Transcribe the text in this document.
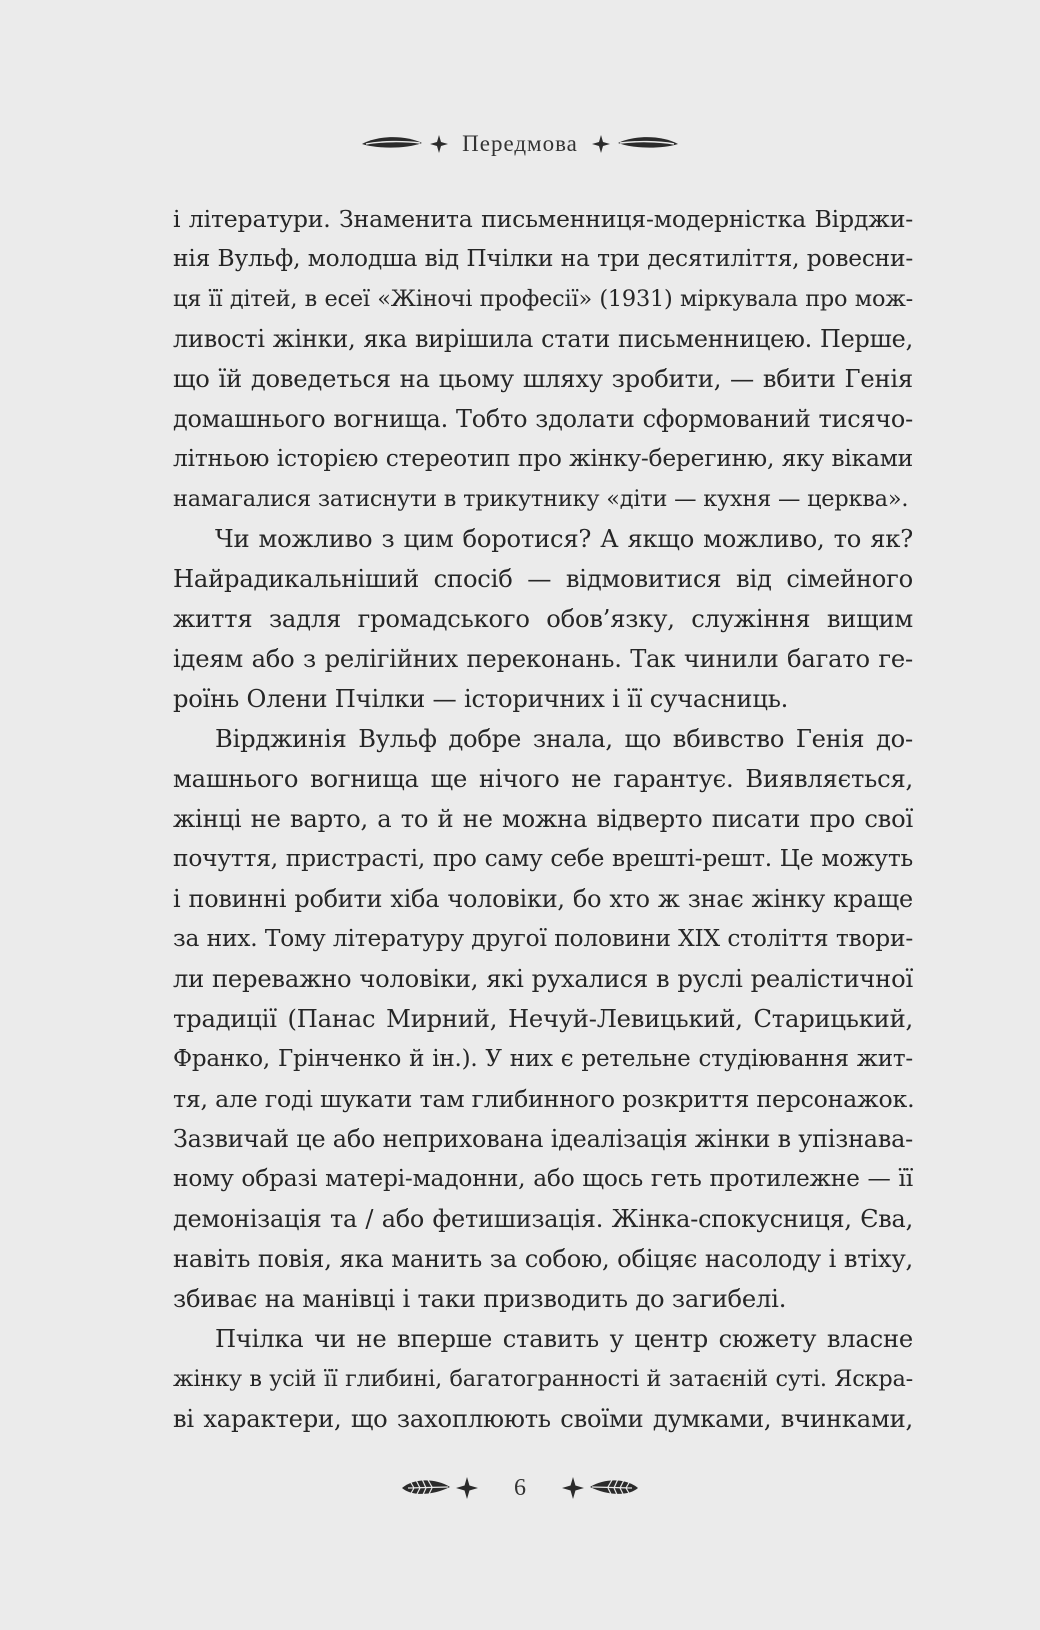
Передмова
і літератури. Знаменита письменниця-модерністка Вірджи-
нія Вульф, молодша від Пчілки на три десятиліття, ровесни-
ця її дітей, в есеї «Жіночі професії» (1931) міркувала про мож-
ливості жінки, яка вирішила стати письменницею. Перше,
що їй доведеться на цьому шляху зробити, — вбити Генія
домашнього вогнища. Тобто здолати сформований тисячо-
літньою історією стереотип про жінку-берегиню, яку віками
намагалися затиснути в трикутнику «діти — кухня — церква».
Чи можливо з цим боротися? А якщо можливо, то як?
Найрадикальніший спосіб — відмовитися від сімейного
життя задля громадського обов’язку, служіння вищим
ідеям або з релігійних переконань. Так чинили багато ге-
роїнь Олени Пчілки — історичних і її сучасниць.
Вірджинія Вульф добре знала, що вбивство Генія до-
машнього вогнища ще нічого не гарантує. Виявляється,
жінці не варто, а то й не можна відверто писати про свої
почуття, пристрасті, про саму себе врешті-решт. Це можуть
і повинні робити хіба чоловіки, бо хто ж знає жінку краще
за них. Тому літературу другої половини XIX століття твори-
ли переважно чоловіки, які рухалися в руслі реалістичної
традиції (Панас Мирний, Нечуй-Левицький, Старицький,
Франко, Грінченко й ін.). У них є ретельне студіювання жит-
тя, але годі шукати там глибинного розкриття персонажок.
Зазвичай це або неприхована ідеалізація жінки в упізнава-
ному образі матері-мадонни, або щось геть протилежне — її
демонізація та / або фетишизація. Жінка-спокусниця, Єва,
навіть повія, яка манить за собою, обіцяє насолоду і втіху,
збиває на манівці і таки призводить до загибелі.
Пчілка чи не вперше ставить у центр сюжету власне
жінку в усій її глибині, багатогранності й затаєній суті. Яскра-
ві характери, що захоплюють своїми думками, вчинками,
6
